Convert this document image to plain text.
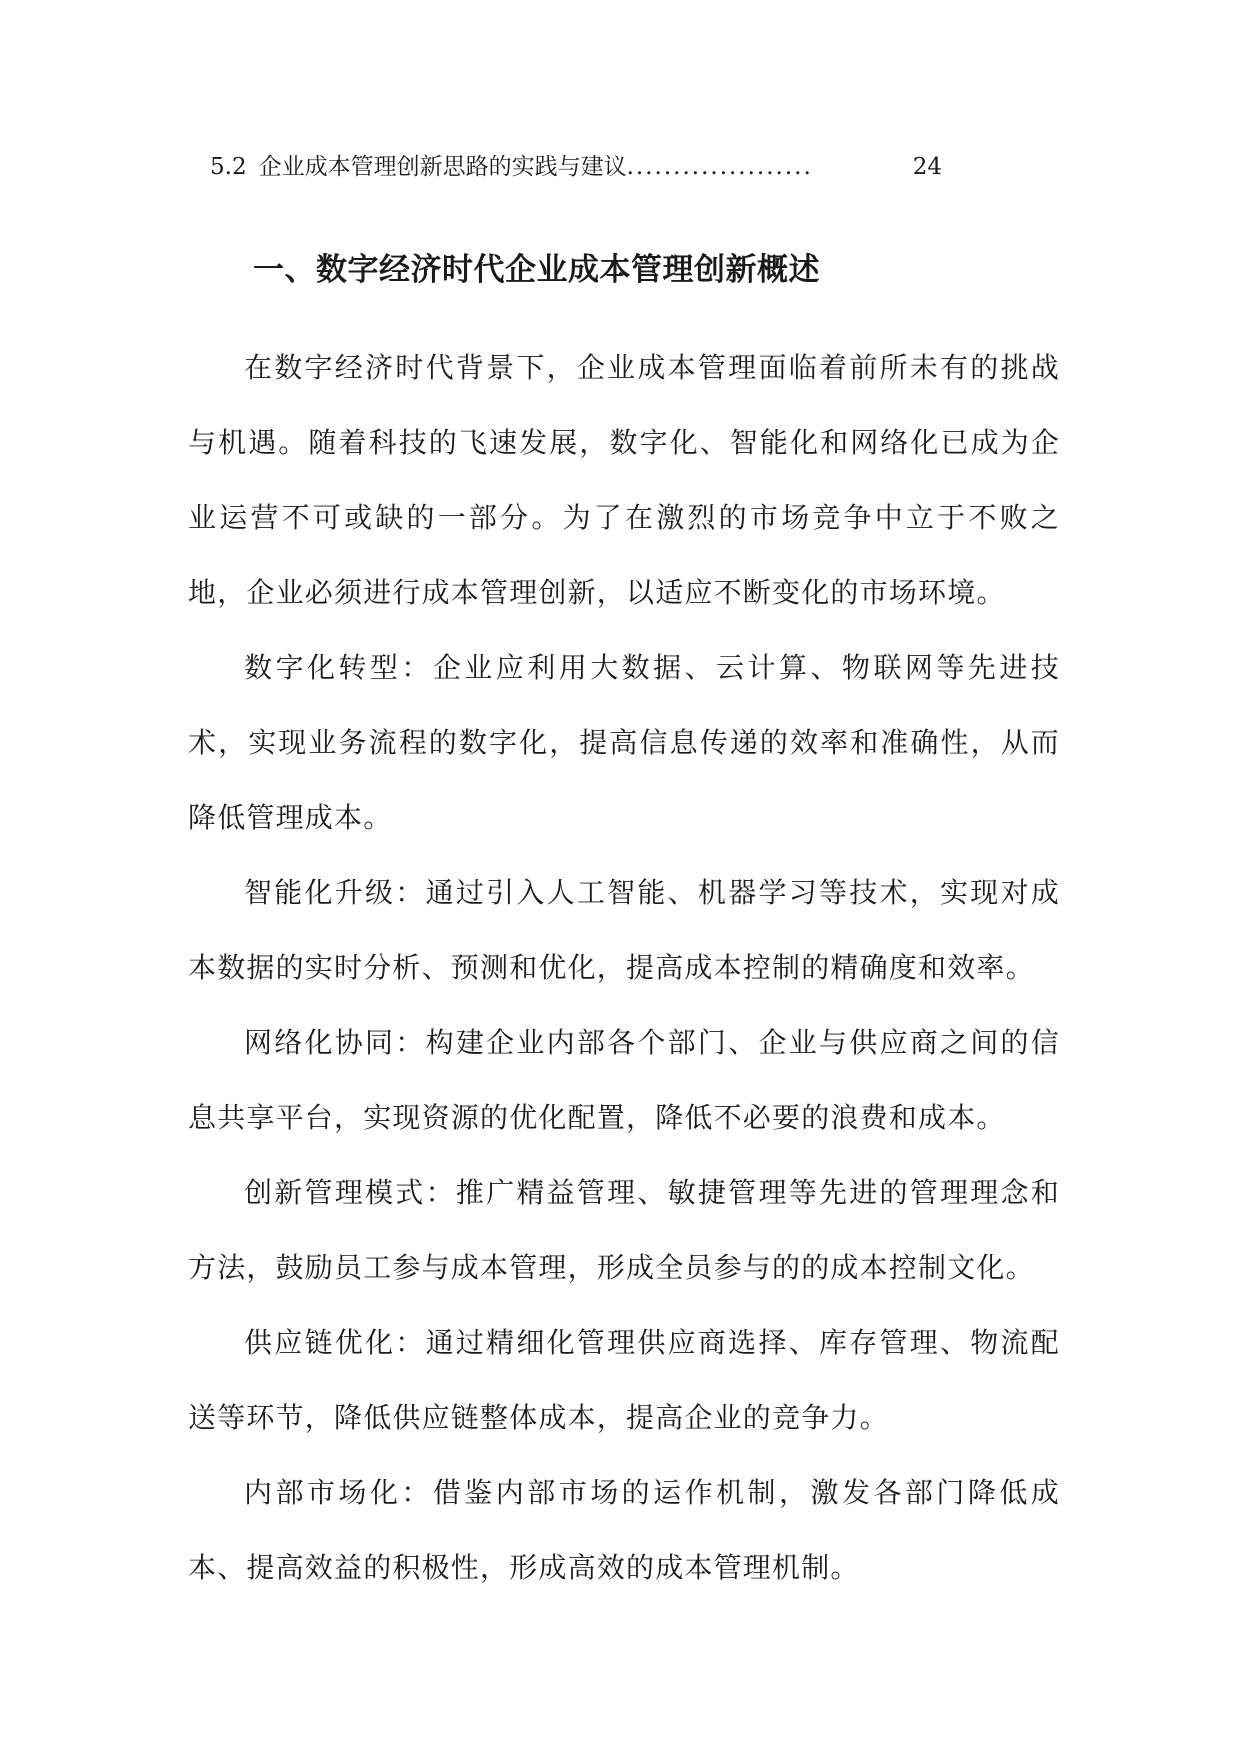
5.2 企业成本管理创新思路的实践与建议 ....................	24
一、数字经济时代企业成本管理创新概述

在数字经济时代背景下，企业成本管理面临着前所未有的挑战与机遇。随着科技的飞速发展，数字化、智能化和网络化已成为企业运营不可或缺的一部分。为了在激烈的市场竞争中立于不败之地，企业必须进行成本管理创新，以适应不断变化的市场环境。

数字化转型：企业应利用大数据、云计算、物联网等先进技术，实现业务流程的数字化，提高信息传递的效率和准确性，从而降低管理成本。

智能化升级：通过引入人工智能、机器学习等技术，实现对成本数据的实时分析、预测和优化，提高成本控制的精确度和效率。

网络化协同：构建企业内部各个部门、企业与供应商之间的信息共享平台，实现资源的优化配置，降低不必要的浪费和成本。

创新管理模式：推广精益管理、敏捷管理等先进的管理理念和方法，鼓励员工参与成本管理，形成全员参与的的成本控制文化。

供应链优化：通过精细化管理供应商选择、库存管理、物流配送等环节，降低供应链整体成本，提高企业的竞争力。

内部市场化：借鉴内部市场的运作机制，激发各部门降低成本、提高效益的积极性，形成高效的成本管理机制。
